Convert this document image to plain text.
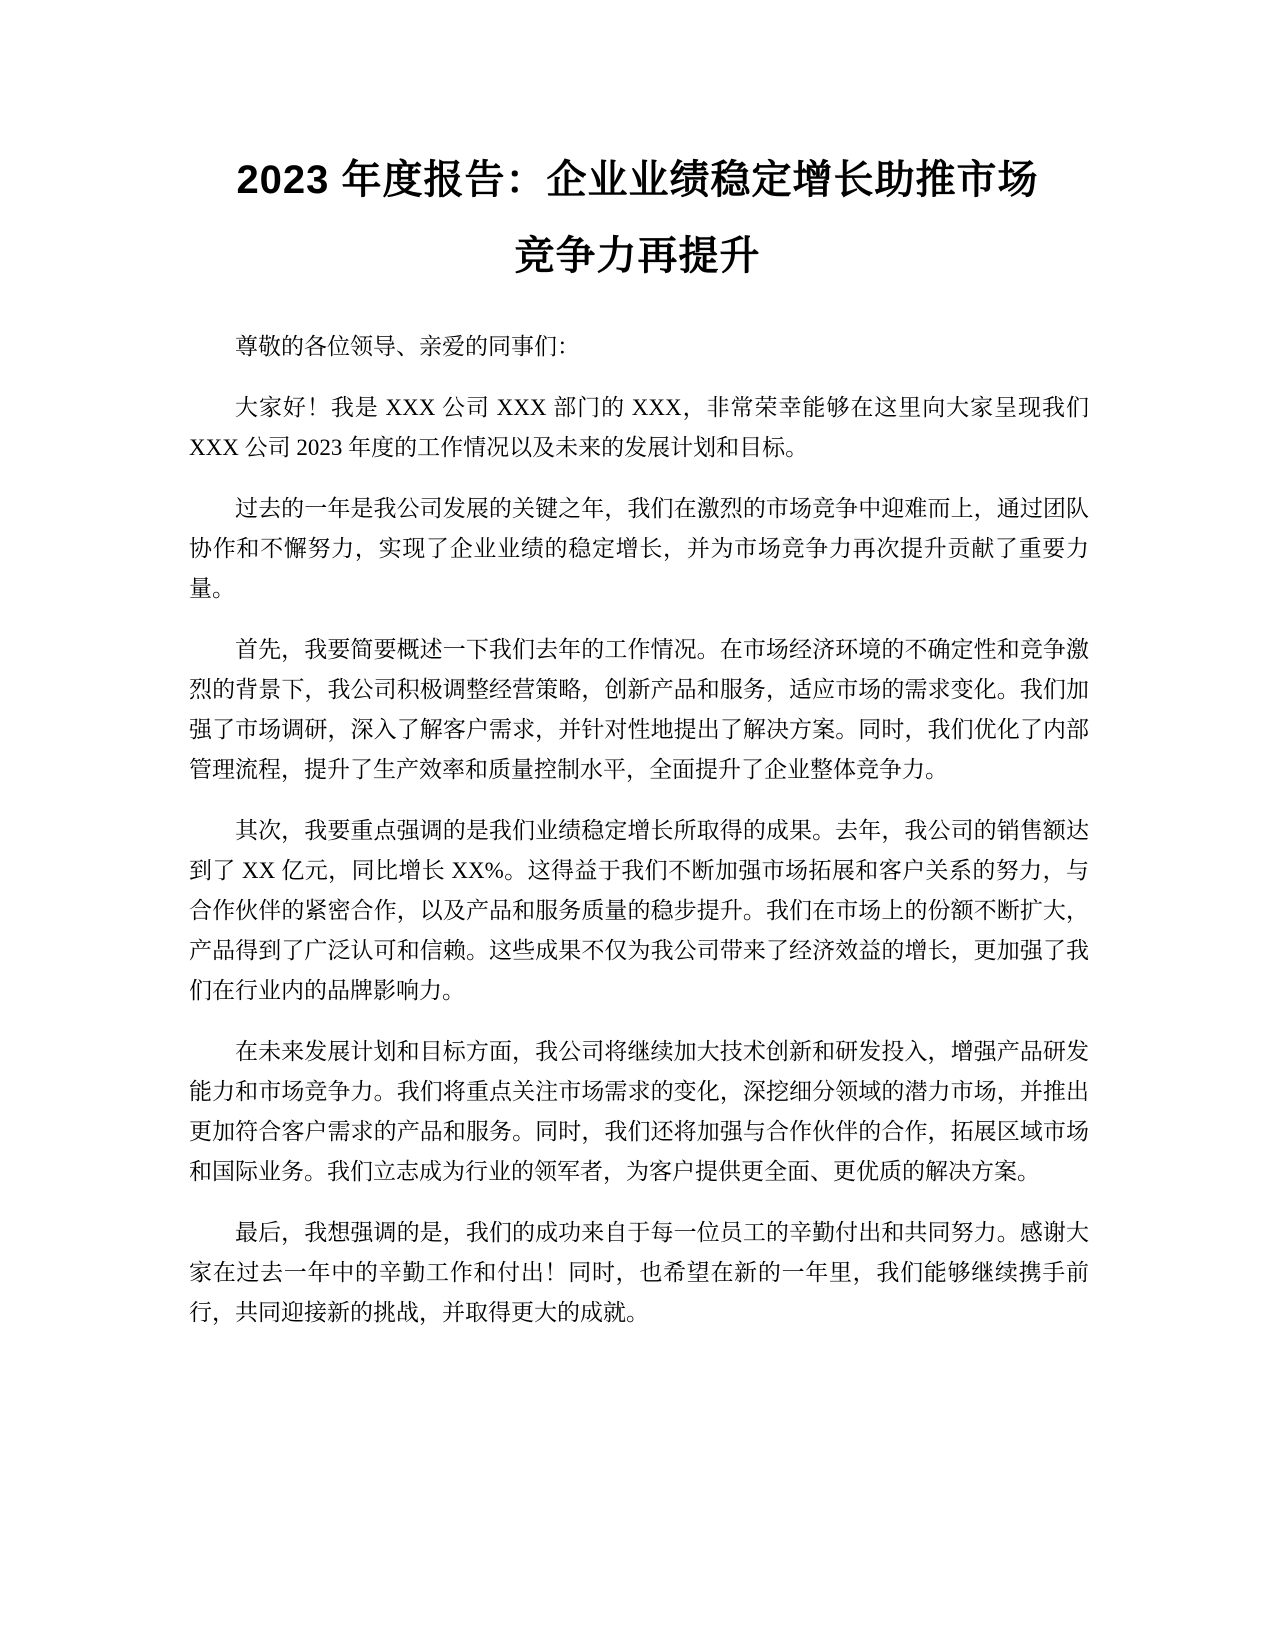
2023 年度报告：企业业绩稳定增长助推市场
竞争力再提升

尊敬的各位领导、亲爱的同事们：

大家好！我是 XXX 公司 XXX 部门的 XXX，非常荣幸能够在这里向大家呈现我们 XXX 公司 2023 年度的工作情况以及未来的发展计划和目标。

过去的一年是我公司发展的关键之年，我们在激烈的市场竞争中迎难而上，通过团队协作和不懈努力，实现了企业业绩的稳定增长，并为市场竞争力再次提升贡献了重要力量。

首先，我要简要概述一下我们去年的工作情况。在市场经济环境的不确定性和竞争激烈的背景下，我公司积极调整经营策略，创新产品和服务，适应市场的需求变化。我们加强了市场调研，深入了解客户需求，并针对性地提出了解决方案。同时，我们优化了内部管理流程，提升了生产效率和质量控制水平，全面提升了企业整体竞争力。

其次，我要重点强调的是我们业绩稳定增长所取得的成果。去年，我公司的销售额达到了 XX 亿元，同比增长 XX%。这得益于我们不断加强市场拓展和客户关系的努力，与合作伙伴的紧密合作，以及产品和服务质量的稳步提升。我们在市场上的份额不断扩大，产品得到了广泛认可和信赖。这些成果不仅为我公司带来了经济效益的增长，更加强了我们在行业内的品牌影响力。

在未来发展计划和目标方面，我公司将继续加大技术创新和研发投入，增强产品研发能力和市场竞争力。我们将重点关注市场需求的变化，深挖细分领域的潜力市场，并推出更加符合客户需求的产品和服务。同时，我们还将加强与合作伙伴的合作，拓展区域市场和国际业务。我们立志成为行业的领军者，为客户提供更全面、更优质的解决方案。

最后，我想强调的是，我们的成功来自于每一位员工的辛勤付出和共同努力。感谢大家在过去一年中的辛勤工作和付出！同时，也希望在新的一年里，我们能够继续携手前行，共同迎接新的挑战，并取得更大的成就。
